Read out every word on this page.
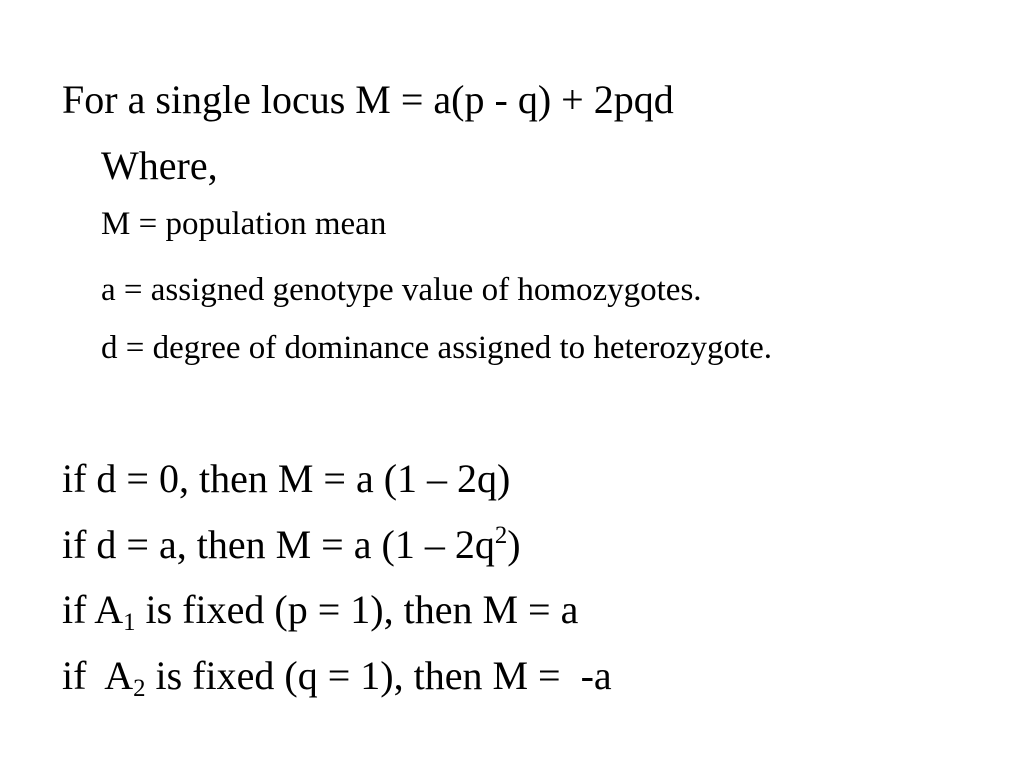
For a single locus M = a(p - q) + 2pqd
Where,
M = population mean
a = assigned genotype value of homozygotes.
d = degree of dominance assigned to heterozygote.
if d = 0, then M = a (1 – 2q)
if d = a, then M = a $(1 - 2q^2)$
if $A_1$ is fixed (p = 1), then M = a
if  $A_2$ is fixed (q = 1), then M =  -a
